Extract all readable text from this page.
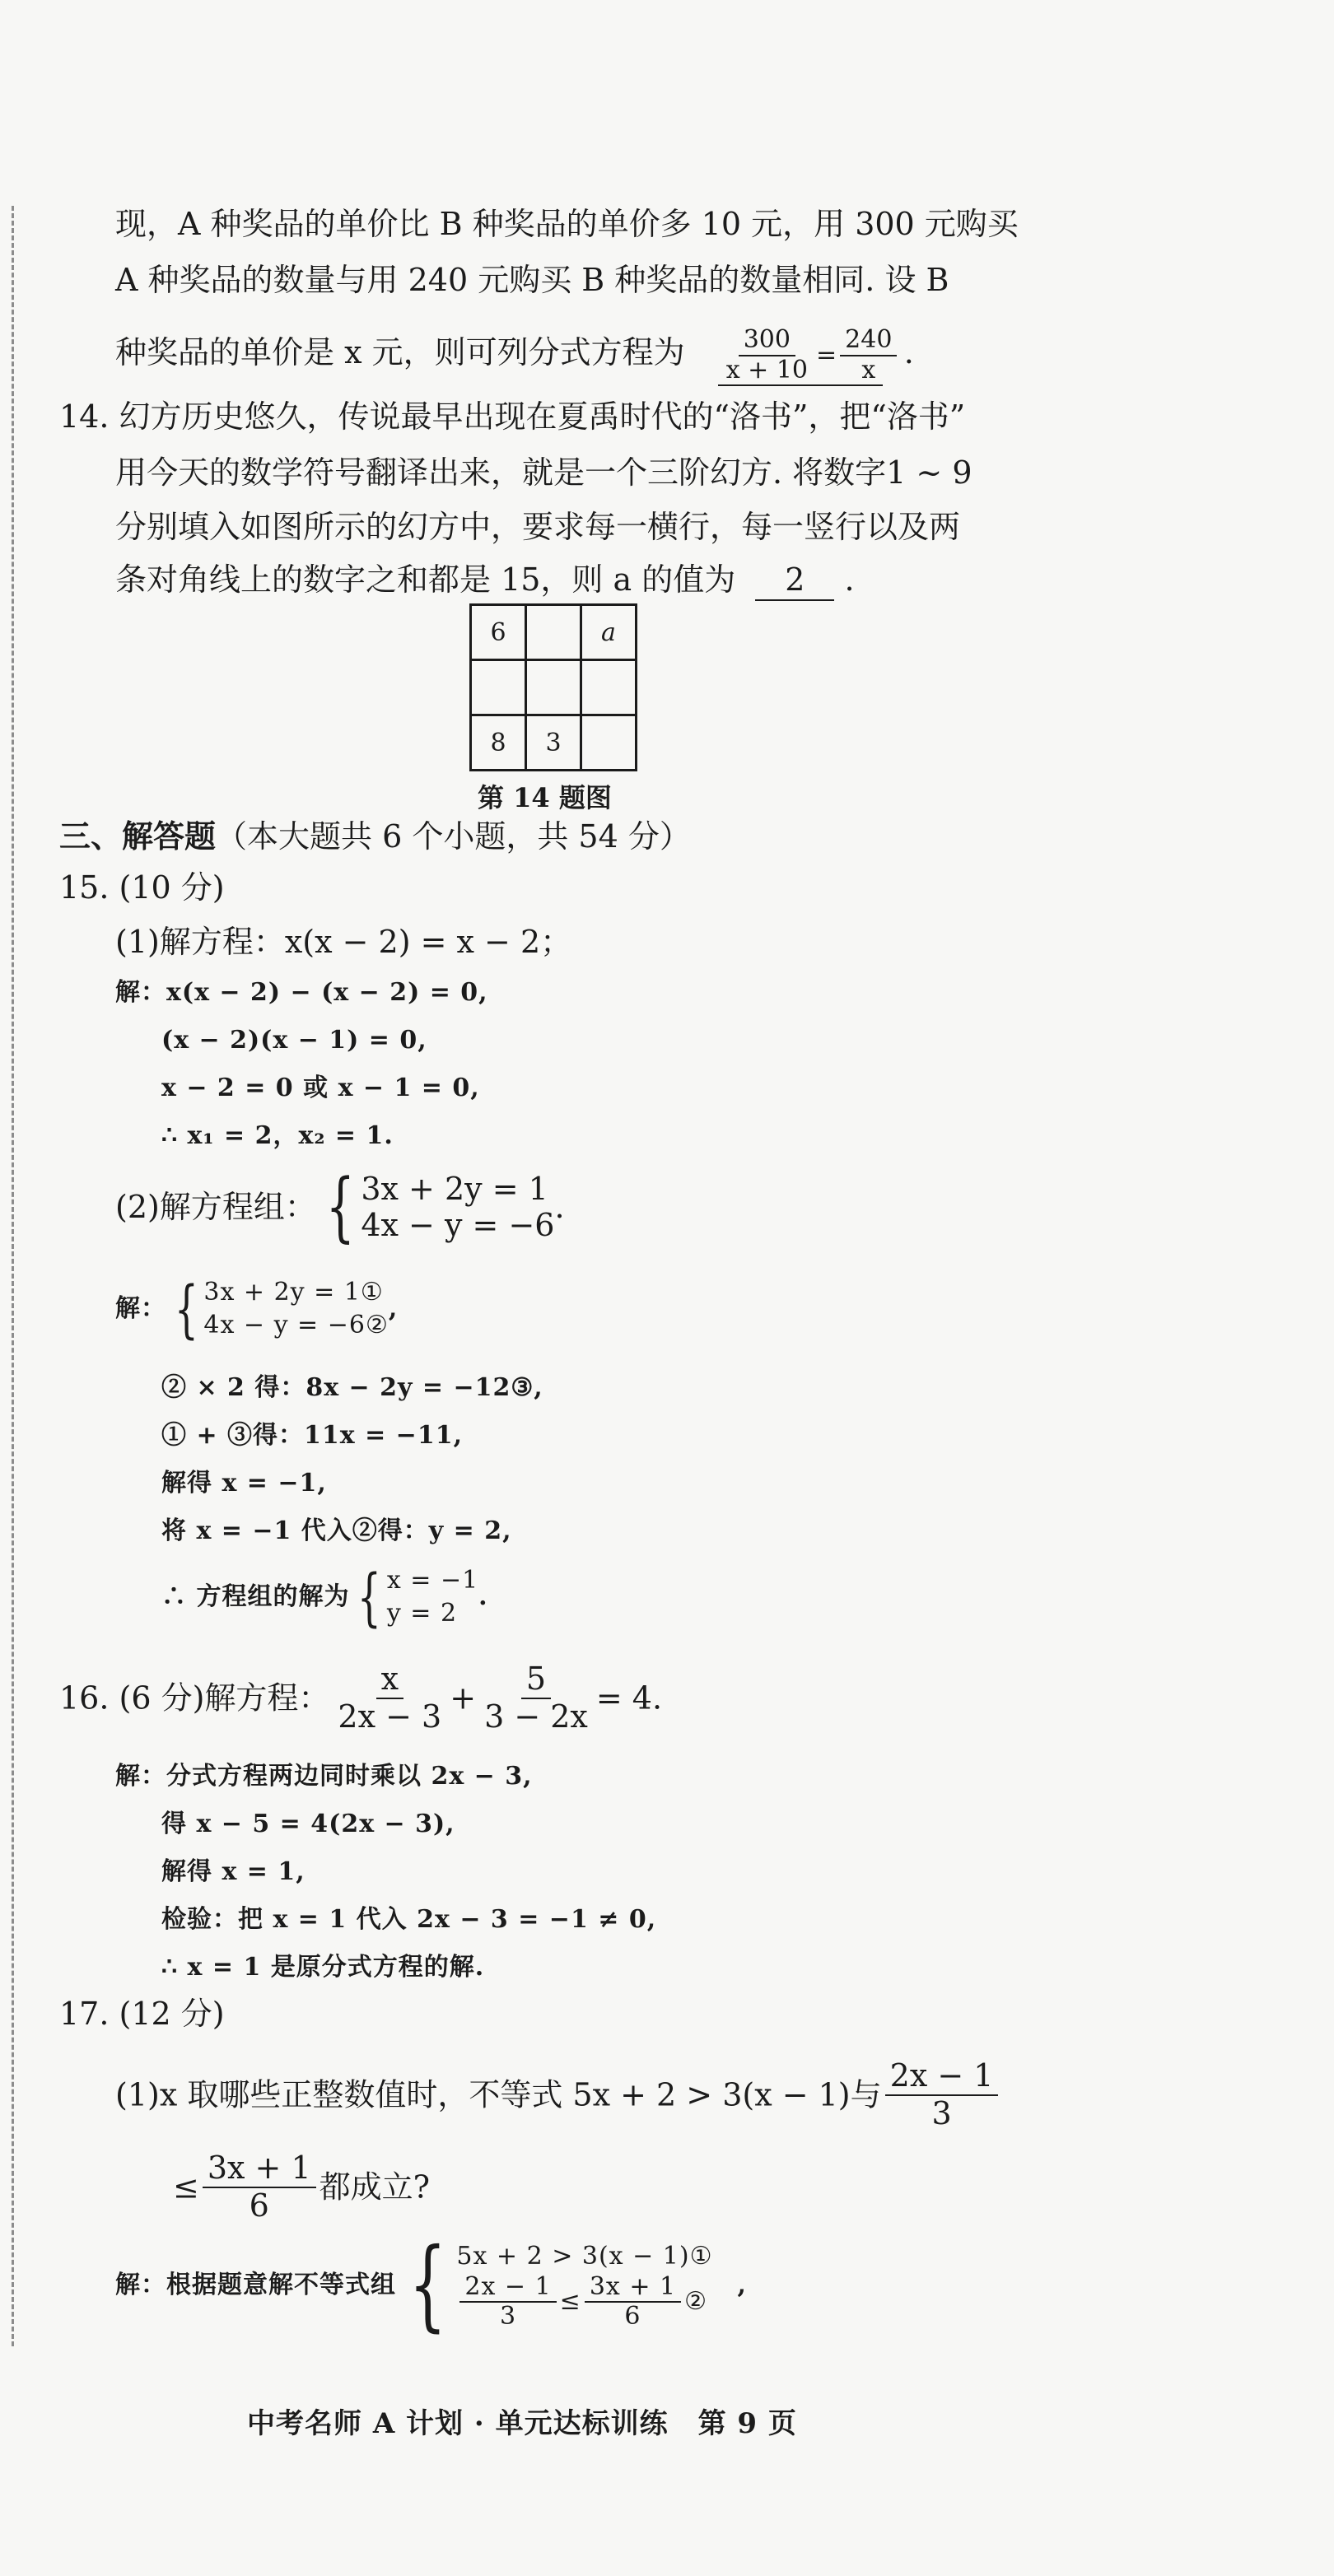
现，A 种奖品的单价比 B 种奖品的单价多 10 元，用 300 元购买
A 种奖品的数量与用 240 元购买 B 种奖品的数量相同. 设 B
种奖品的单价是 x 元，则可列分式方程为 $\frac{300}{x + 10} = \frac{240}{x}$ .
14. 幻方历史悠久，传说最早出现在夏禹时代的“洛书”，把“洛书”
用今天的数学符号翻译出来，就是一个三阶幻方. 将数字1 ~ 9
分别填入如图所示的幻方中，要求每一横行，每一竖行以及两
条对角线上的数字之和都是 15，则 a 的值为 2 .
6		a

8	3	
第 14 题图
三、解答题（本大题共 6 个小题，共 54 分）
15. (10 分)
(1)解方程：x(x − 2) = x − 2；
解：x(x − 2) − (x − 2) = 0,
(x − 2)(x − 1) = 0,
x − 2 = 0 或 x − 1 = 0,
∴ x₁ = 2，x₂ = 1.
(2)解方程组： { 3x + 2y = 1
4x − y = −6 .
解： { 3x + 2y = 1①
4x − y = −6②
,
② × 2 得：8x − 2y = −12③,
① + ③得：11x = −11,
解得 x = −1,
将 x = −1 代入②得：y = 2,
∴ 方程组的解为 { x = −1
y = 2
.
16. (6 分)解方程： $\frac{x}{2x - 3} + \frac{5}{3 - 2x} = 4$.
解：分式方程两边同时乘以 2x − 3,
得 x − 5 = 4(2x − 3),
解得 x = 1,
检验：把 x = 1 代入 2x − 3 = −1 ≠ 0,
∴ x = 1 是原分式方程的解.
17. (12 分)
(1)x 取哪些正整数值时，不等式 5x + 2 > 3(x − 1)与 $\frac{2x - 1}{3}$
≤ $\frac{3x + 1}{6}$ 都成立?
解：根据题意解不等式组 { 5x + 2 > 3(x − 1)①
$\frac{2x - 1}{3} \le \frac{3x + 1}{6}$ ②
,
中考名师 A 计划 · 单元达标训练 第 9 页
